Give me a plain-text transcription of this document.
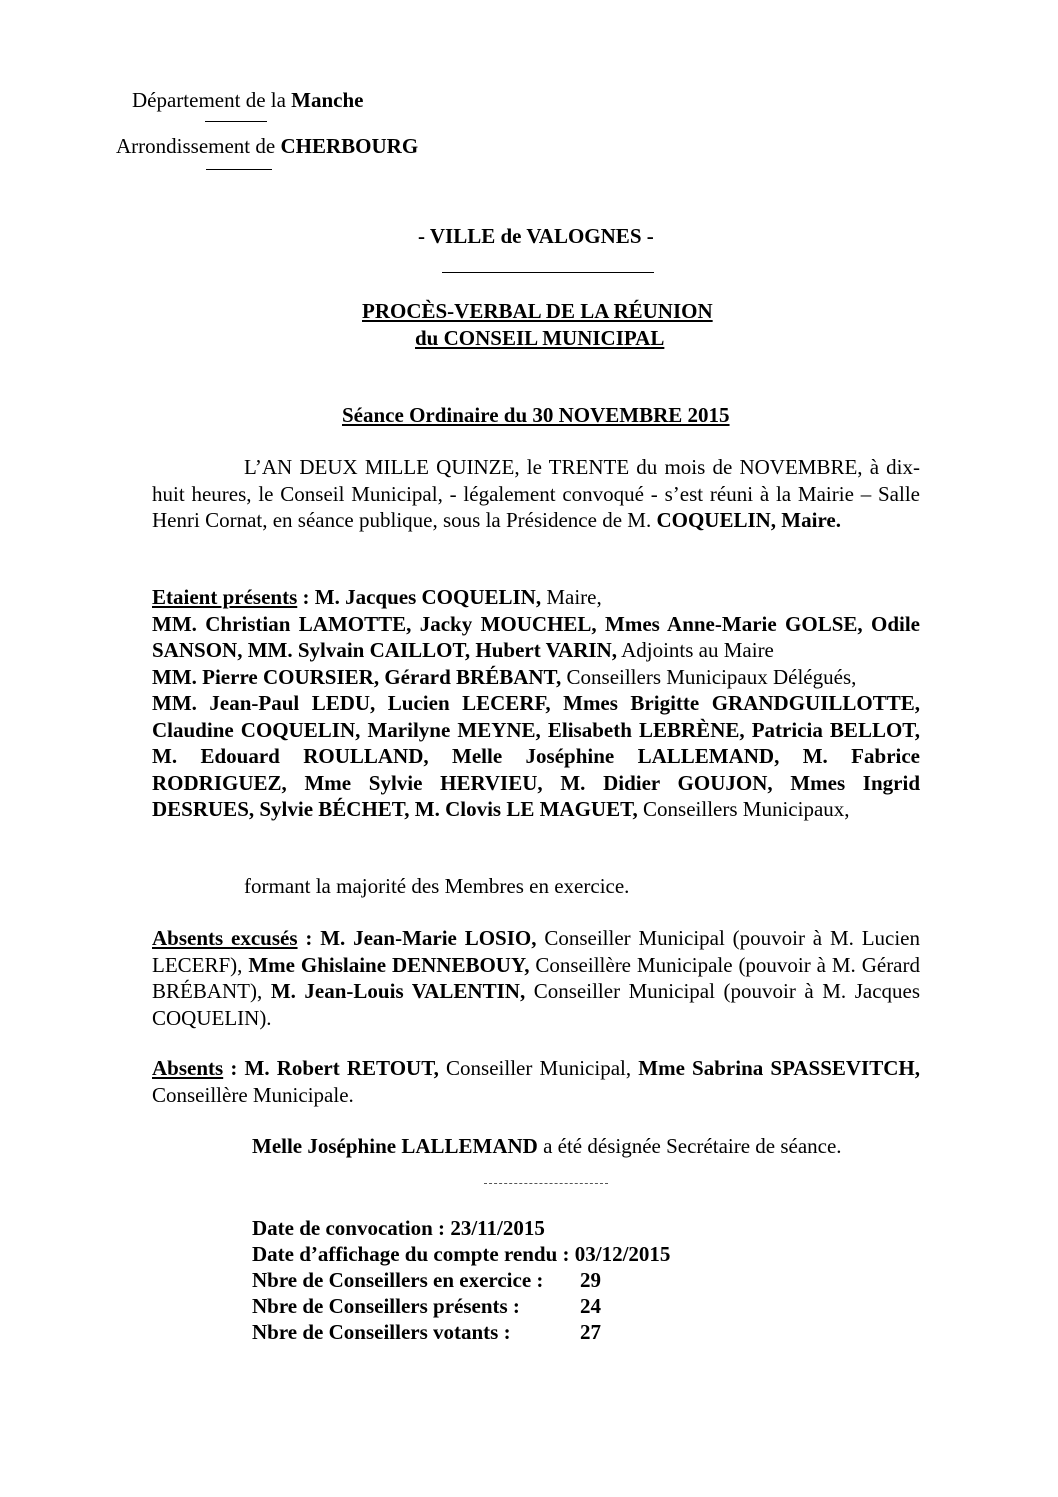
Département de la Manche
Arrondissement de CHERBOURG
- VILLE de VALOGNES -
PROCÈS-VERBAL DE LA RÉUNION
du CONSEIL MUNICIPAL
Séance Ordinaire du 30 NOVEMBRE 2015
L’AN DEUX MILLE QUINZE, le TRENTE du mois de NOVEMBRE, à dix-huit heures, le Conseil Municipal, - légalement convoqué - s’est réuni à la Mairie – Salle Henri Cornat, en séance publique, sous la Présidence de M. COQUELIN, Maire.
Etaient présents : M. Jacques COQUELIN, Maire,
MM. Christian LAMOTTE, Jacky MOUCHEL, Mmes Anne-Marie GOLSE, Odile SANSON, MM. Sylvain CAILLOT, Hubert VARIN, Adjoints au Maire
MM. Pierre COURSIER, Gérard BRÉBANT, Conseillers Municipaux Délégués,
MM. Jean-Paul LEDU, Lucien LECERF, Mmes Brigitte GRANDGUILLOTTE, Claudine COQUELIN, Marilyne MEYNE, Elisabeth LEBRÈNE, Patricia BELLOT, M. Edouard ROULLAND, Melle Joséphine LALLEMAND, M. Fabrice RODRIGUEZ, Mme Sylvie HERVIEU, M. Didier GOUJON, Mmes Ingrid DESRUES, Sylvie BÉCHET, M. Clovis LE MAGUET, Conseillers Municipaux,
formant la majorité des Membres en exercice.
Absents excusés : M. Jean-Marie LOSIO, Conseiller Municipal (pouvoir à M. Lucien LECERF), Mme Ghislaine DENNEBOUY, Conseillère Municipale (pouvoir à M. Gérard BRÉBANT), M. Jean-Louis VALENTIN, Conseiller Municipal (pouvoir à M. Jacques COQUELIN).
Absents : M. Robert RETOUT, Conseiller Municipal, Mme Sabrina SPASSEVITCH, Conseillère Municipale.
Melle Joséphine LALLEMAND a été désignée Secrétaire de séance.
Date de convocation : 23/11/2015
Date d’affichage du compte rendu : 03/12/2015
Nbre de Conseillers en exercice : 29
Nbre de Conseillers présents :	24
Nbre de Conseillers votants :	27
